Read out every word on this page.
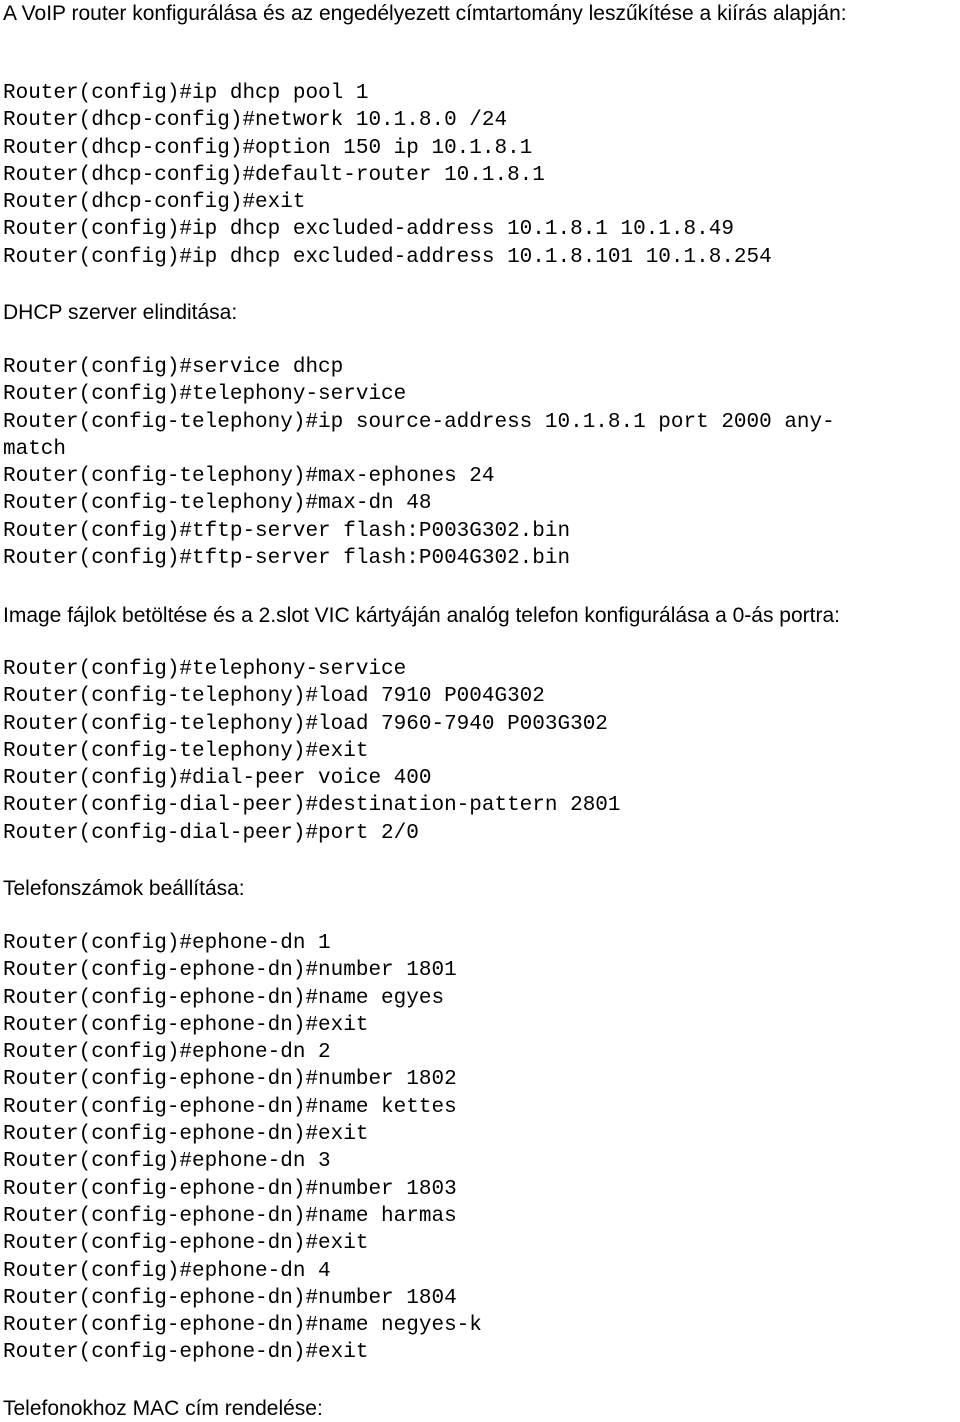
A VoIP router konfigurálása és az engedélyezett címtartomány leszűkítése a kiírás alapján:

Router(config)#ip dhcp pool 1
Router(dhcp-config)#network 10.1.8.0 /24
Router(dhcp-config)#option 150 ip 10.1.8.1
Router(dhcp-config)#default-router 10.1.8.1
Router(dhcp-config)#exit
Router(config)#ip dhcp excluded-address 10.1.8.1 10.1.8.49
Router(config)#ip dhcp excluded-address 10.1.8.101 10.1.8.254

DHCP szerver elinditása:

Router(config)#service dhcp
Router(config)#telephony-service
Router(config-telephony)#ip source-address 10.1.8.1 port 2000 any-
match
Router(config-telephony)#max-ephones 24
Router(config-telephony)#max-dn 48
Router(config)#tftp-server flash:P003G302.bin
Router(config)#tftp-server flash:P004G302.bin

Image fájlok betöltése és a 2.slot VIC kártyáján analóg telefon konfigurálása a 0-ás portra:

Router(config)#telephony-service
Router(config-telephony)#load 7910 P004G302
Router(config-telephony)#load 7960-7940 P003G302
Router(config-telephony)#exit
Router(config)#dial-peer voice 400
Router(config-dial-peer)#destination-pattern 2801
Router(config-dial-peer)#port 2/0

Telefonszámok beállítása:

Router(config)#ephone-dn 1
Router(config-ephone-dn)#number 1801
Router(config-ephone-dn)#name egyes
Router(config-ephone-dn)#exit
Router(config)#ephone-dn 2
Router(config-ephone-dn)#number 1802
Router(config-ephone-dn)#name kettes
Router(config-ephone-dn)#exit
Router(config)#ephone-dn 3
Router(config-ephone-dn)#number 1803
Router(config-ephone-dn)#name harmas
Router(config-ephone-dn)#exit
Router(config)#ephone-dn 4
Router(config-ephone-dn)#number 1804
Router(config-ephone-dn)#name negyes-k
Router(config-ephone-dn)#exit

Telefonokhoz MAC cím rendelése:
